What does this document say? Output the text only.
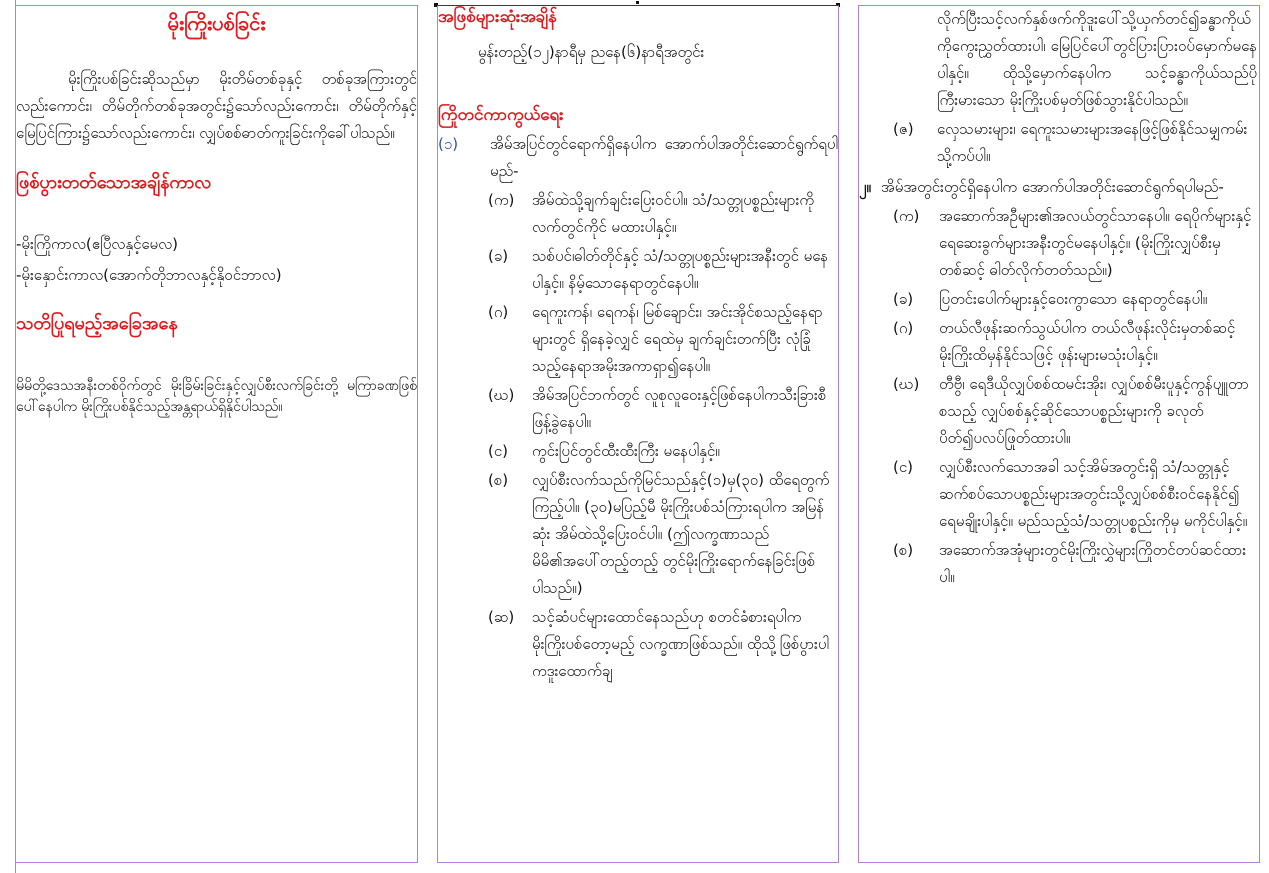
မိုးကြိုးပစ်ခြင်း

မိုးကြိုးပစ်ခြင်းဆိုသည်မှာ မိုးတိမ်တစ်ခုနှင့် တစ်ခုအကြားတွင်လည်းကောင်း၊ တိမ်တိုက်တစ်ခုအတွင်း၌သော်လည်းကောင်း၊ တိမ်တိုက်နှင့် မြေပြင်ကြား၌သော်လည်းကောင်း၊ လျှပ်စစ်ဓာတ်ကူးခြင်းကိုခေါ်ပါသည်။

ဖြစ်ပွားတတ်သောအချိန်ကာလ

-မိုးကြိုကာလ(ဧပြီလနှင့်မေလ)

-မိုးနှောင်းကာလ(အောက်တိုဘာလနှင့်နိုဝင်ဘာလ)

သတိပြုရမည့်အခြေအနေ

မိမိတို့ဒေသအနီးတစ်ဝိုက်တွင် မိုးခြိမ်းခြင်းနှင့်လျှပ်စီးလက်ခြင်းတို့ မကြာခဏဖြစ်ပေါ်နေပါက မိုးကြိုးပစ်နိုင်သည့်အန္တရာယ်ရှိနိုင်ပါသည်။

အဖြစ်များဆုံးအချိန်

မွန်းတည့်(၁၂)နာရီမှ ညနေ(၆)နာရီအတွင်း

ကြိုတင်ကာကွယ်ရေး
(၁)	အိမ်အပြင်တွင်ရောက်ရှိနေပါက အောက်ပါအတိုင်းဆောင်ရွက်ရပါမည်-
(က)	အိမ်ထဲသို့ချက်ချင်းပြေးဝင်ပါ။ သံ/သတ္တုပစ္စည်းများကို လက်တွင်ကိုင် မထားပါနှင့်။
(ခ)	သစ်ပင်၊ဓါတ်တိုင်နှင့် သံ/သတ္တုပစ္စည်းများအနီးတွင် မနေပါနှင့်။ နိမ့်သောနေရာတွင်နေပါ။
(ဂ)	ရေကူးကန်၊ ရေကန်၊ မြစ်ချောင်း၊ အင်းအိုင်စသည့်နေရာများတွင် ရှိနေခဲ့လျှင် ရေထဲမှ ချက်ချင်းတက်ပြီး လုံခြုံသည့်နေရာအမိုးအကာရှာ၍နေပါ။
(ဃ)	အိမ်အပြင်ဘက်တွင် လူစုလူဝေးနှင့်ဖြစ်နေပါကသီးခြားစီဖြန့်ခွဲနေပါ။
(င)	ကွင်းပြင်တွင်ထီးထီးကြီး မနေပါနှင့်။
(စ)	လျှပ်စီးလက်သည်ကိုမြင်သည်နှင့်(၁)မှ(၃၀) ထိရေတွက်ကြည့်ပါ။ (၃၀)မပြည့်မီ မိုးကြိုးပစ်သံကြားရပါက အမြန်ဆုံး အိမ်ထဲသို့ပြေးဝင်ပါ။ (ဤလက္ခဏာသည် မိမိ၏အပေါ်တည့်တည့် တွင်မိုးကြိုးရောက်နေခြင်းဖြစ်ပါသည်။)
(ဆ)	သင့်ဆံပင်များထောင်နေသည်ဟု စတင်ခံစားရပါက မိုးကြိုးပစ်တော့မည့် လက္ခဏာဖြစ်သည်။ ထိုသို့ဖြစ်ပွားပါကဒူးထောက်ချ

လိုက်ပြီးသင့်လက်နှစ်ဖက်ကိုဒူးပေါ်သို့ယှက်တင်၍ခန္ဓာကိုယ်ကိုကွေးညွှတ်ထားပါ၊ မြေပြင်ပေါ်တွင်ပြားပြားဝပ်မှောက်မနေပါနှင့်။ ထိုသို့မှောက်နေပါက သင့်ခန္ဓာကိုယ်သည်ပိုကြီးမားသော မိုးကြိုးပစ်မှတ်ဖြစ်သွားနိုင်ပါသည်။

(ဇ)	လှေသမားများ၊ ရေကူးသမားများအနေဖြင့်ဖြစ်နိုင်သမျှကမ်းသို့ကပ်ပါ။
၂။ အိမ်အတွင်းတွင်ရှိနေပါက အောက်ပါအတိုင်းဆောင်ရွက်ရပါမည်-
(က)	အဆောက်အဦများ၏အလယ်တွင်သာနေပါ။ ရေပိုက်များနှင့် ရေဆေးခွက်များအနီးတွင်မနေပါနှင့်။ (မိုးကြိုးလျှပ်စီးမှတစ်ဆင့် ဓါတ်လိုက်တတ်သည်။)
(ခ)	ပြတင်းပေါက်များနှင့်ဝေးကွာသော နေရာတွင်နေပါ။
(ဂ)	တယ်လီဖုန်းဆက်သွယ်ပါက တယ်လီဖုန်းလိုင်းမှတစ်ဆင့် မိုးကြိုးထိမှန်နိုင်သဖြင့် ဖုန်းများမသုံးပါနှင့်။
(ဃ)	တီဗွီ၊ ရေဒီယိုလျှပ်စစ်ထမင်းအိုး၊ လျှပ်စစ်မီးပူနှင့်ကွန်ပျူတာစသည့် လျှပ်စစ်နှင့်ဆိုင်သောပစ္စည်းများကို ခလုတ်ပိတ်၍ပလပ်ဖြုတ်ထားပါ။
(င)	လျှပ်စီးလက်သောအခါ သင့်အိမ်အတွင်းရှိ သံ/သတ္တုနှင့်ဆက်စပ်သောပစ္စည်းများအတွင်းသို့လျှပ်စစ်စီးဝင်နေနိုင်၍ ရေမချိုးပါနှင့်။ မည်သည့်သံ/သတ္တုပစ္စည်းကိုမှ မကိုင်ပါနှင့်။
(စ)	အဆောက်အအုံများတွင်မိုးကြိုးလွှဲများကြိုတင်တပ်ဆင်ထားပါ။
